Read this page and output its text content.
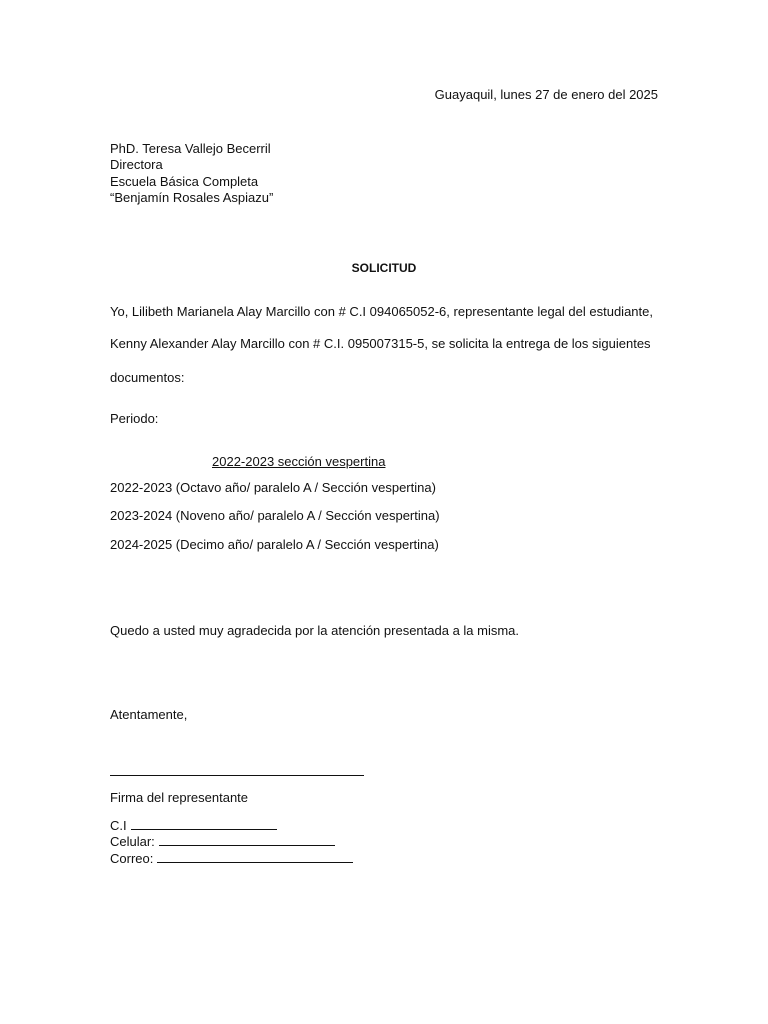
Guayaquil, lunes 27 de enero del 2025
PhD. Teresa Vallejo Becerril
Directora
Escuela Básica Completa
“Benjamín Rosales Aspiazu”
SOLICITUD
Yo, Lilibeth Marianela Alay Marcillo con # C.I 094065052-6, representante legal del estudiante,
Kenny Alexander Alay Marcillo con # C.I. 095007315-5, se solicita la entrega de los siguientes
documentos:
Periodo:
2022-2023 sección vespertina
2022-2023 (Octavo año/ paralelo A / Sección vespertina)
2023-2024 (Noveno año/ paralelo A / Sección vespertina)
2024-2025 (Decimo año/ paralelo A / Sección vespertina)
Quedo a usted muy agradecida por la atención presentada a la misma.
Atentamente,
Firma del representante
C.I
Celular:
Correo:
